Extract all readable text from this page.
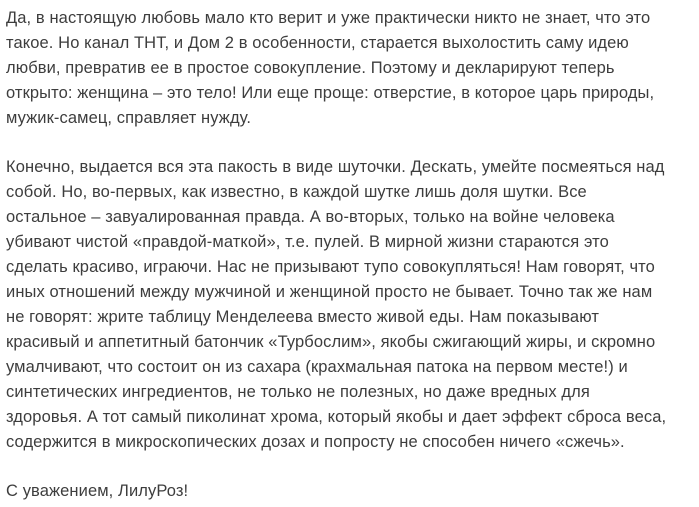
Да, в настоящую любовь мало кто верит и уже практически никто не знает, что это
такое. Но канал ТНТ, и Дом 2 в особенности, старается выхолостить саму идею
любви, превратив ее в простое совокупление. Поэтому и декларируют теперь
открыто: женщина – это тело! Или еще проще: отверстие, в которое царь природы,
мужик-самец, справляет нужду.

Конечно, выдается вся эта пакость в виде шуточки. Дескать, умейте посмеяться над
собой. Но, во-первых, как известно, в каждой шутке лишь доля шутки. Все
остальное – завуалированная правда. А во-вторых, только на войне человека
убивают чистой «правдой-маткой», т.е. пулей. В мирной жизни стараются это
сделать красиво, играючи. Нас не призывают тупо совокупляться! Нам говорят, что
иных отношений между мужчиной и женщиной просто не бывает. Точно так же нам
не говорят: жрите таблицу Менделеева вместо живой еды. Нам показывают
красивый и аппетитный батончик «Турбослим», якобы сжигающий жиры, и скромно
умалчивают, что состоит он из сахара (крахмальная патока на первом месте!) и
синтетических ингредиентов, не только не полезных, но даже вредных для
здоровья. А тот самый пиколинат хрома, который якобы и дает эффект сброса веса,
содержится в микроскопических дозах и попросту не способен ничего «сжечь».

С уважением, ЛилуРоз!
